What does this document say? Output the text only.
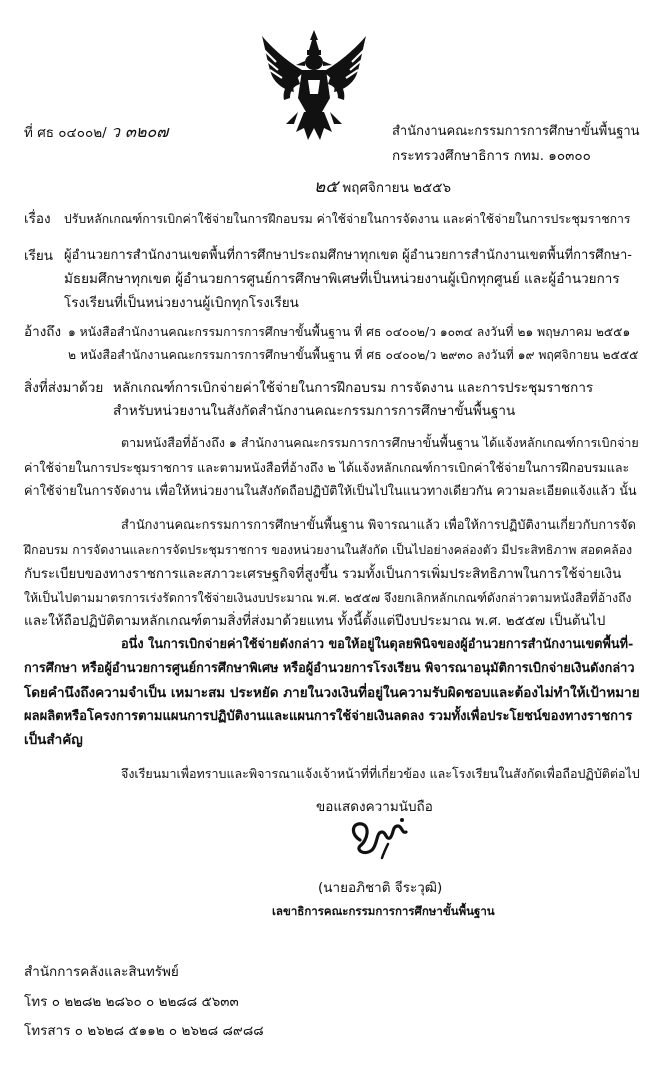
ที่ ศธ ๐๔๐๐๒/ ว ๓๒๐๗	สำนักงานคณะกรรมการการศึกษาขั้นพื้นฐาน
กระทรวงศึกษาธิการ กทม. ๑๐๓๐๐
๒๕ พฤศจิกายน ๒๕๕๖
เรื่อง ปรับหลักเกณฑ์การเบิกค่าใช้จ่ายในการฝึกอบรม ค่าใช้จ่ายในการจัดงาน และค่าใช้จ่ายในการประชุมราชการ
เรียน ผู้อำนวยการสำนักงานเขตพื้นที่การศึกษาประถมศึกษาทุกเขต ผู้อำนวยการสำนักงานเขตพื้นที่การศึกษา-
มัธยมศึกษาทุกเขต ผู้อำนวยการศูนย์การศึกษาพิเศษที่เป็นหน่วยงานผู้เบิกทุกศูนย์ และผู้อำนวยการ
โรงเรียนที่เป็นหน่วยงานผู้เบิกทุกโรงเรียน
อ้างถึง ๑ หนังสือสำนักงานคณะกรรมการการศึกษาขั้นพื้นฐาน ที่ ศธ ๐๔๐๐๒/ว ๑๐๓๔ ลงวันที่ ๒๑ พฤษภาคม ๒๕๕๑
๒ หนังสือสำนักงานคณะกรรมการการศึกษาขั้นพื้นฐาน ที่ ศธ ๐๔๐๐๒/ว ๒๙๓๐ ลงวันที่ ๑๙ พฤศจิกายน ๒๕๕๕
สิ่งที่ส่งมาด้วย หลักเกณฑ์การเบิกจ่ายค่าใช้จ่ายในการฝึกอบรม การจัดงาน และการประชุมราชการ
สำหรับหน่วยงานในสังกัดสำนักงานคณะกรรมการการศึกษาขั้นพื้นฐาน
ตามหนังสือที่อ้างถึง ๑ สำนักงานคณะกรรมการการศึกษาขั้นพื้นฐาน ได้แจ้งหลักเกณฑ์การเบิกจ่าย
ค่าใช้จ่ายในการประชุมราชการ และตามหนังสือที่อ้างถึง ๒ ได้แจ้งหลักเกณฑ์การเบิกค่าใช้จ่ายในการฝึกอบรมและ
ค่าใช้จ่ายในการจัดงาน เพื่อให้หน่วยงานในสังกัดถือปฏิบัติให้เป็นไปในแนวทางเดียวกัน ความละเอียดแจ้งแล้ว นั้น
สำนักงานคณะกรรมการการศึกษาขั้นพื้นฐาน พิจารณาแล้ว เพื่อให้การปฏิบัติงานเกี่ยวกับการจัด
ฝึกอบรม การจัดงานและการจัดประชุมราชการ ของหน่วยงานในสังกัด เป็นไปอย่างคล่องตัว มีประสิทธิภาพ สอดคล้อง
กับระเบียบของทางราชการและสภาวะเศรษฐกิจที่สูงขึ้น รวมทั้งเป็นการเพิ่มประสิทธิภาพในการใช้จ่ายเงิน
ให้เป็นไปตามมาตรการเร่งรัดการใช้จ่ายเงินงบประมาณ พ.ศ. ๒๕๕๗ จึงยกเลิกหลักเกณฑ์ดังกล่าวตามหนังสือที่อ้างถึง
และให้ถือปฏิบัติตามหลักเกณฑ์ตามสิ่งที่ส่งมาด้วยแทน ทั้งนี้ตั้งแต่ปีงบประมาณ พ.ศ. ๒๕๕๗ เป็นต้นไป
อนึ่ง ในการเบิกจ่ายค่าใช้จ่ายดังกล่าว ขอให้อยู่ในดุลยพินิจของผู้อำนวยการสำนักงานเขตพื้นที่-
การศึกษา หรือผู้อำนวยการศูนย์การศึกษาพิเศษ หรือผู้อำนวยการโรงเรียน พิจารณาอนุมัติการเบิกจ่ายเงินดังกล่าว
โดยคำนึงถึงความจำเป็น เหมาะสม ประหยัด ภายในวงเงินที่อยู่ในความรับผิดชอบและต้องไม่ทำให้เป้าหมาย
ผลผลิตหรือโครงการตามแผนการปฏิบัติงานและแผนการใช้จ่ายเงินลดลง รวมทั้งเพื่อประโยชน์ของทางราชการ
เป็นสำคัญ
จึงเรียนมาเพื่อทราบและพิจารณาแจ้งเจ้าหน้าที่ที่เกี่ยวข้อง และโรงเรียนในสังกัดเพื่อถือปฏิบัติต่อไป
ขอแสดงความนับถือ
(นายอภิชาติ จีระวุฒิ)
เลขาธิการคณะกรรมการการศึกษาขั้นพื้นฐาน
สำนักการคลังและสินทรัพย์
โทร ๐ ๒๒๘๒ ๒๘๖๐ ๐ ๒๒๘๘ ๕๖๓๓
โทรสาร ๐ ๒๖๒๘ ๕๑๑๒ ๐ ๒๖๒๘ ๘๙๘๘
